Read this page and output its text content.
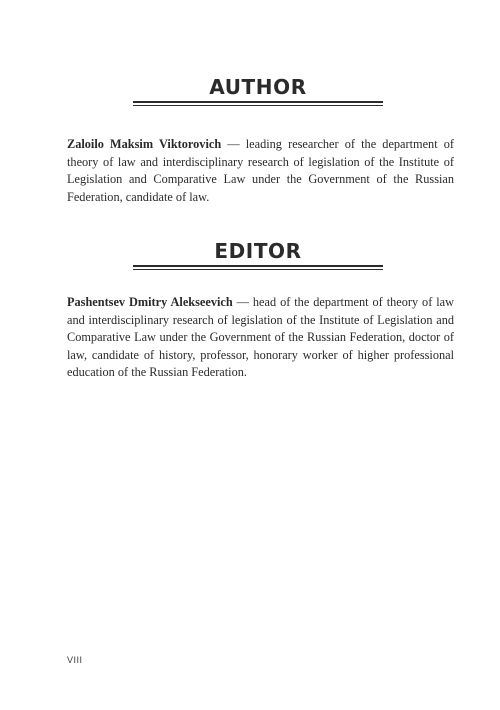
AUTHOR

Zaloilo Maksim Viktorovich — leading researcher of the department of theory of law and interdisciplinary research of legislation of the Institute of Legislation and Comparative Law under the Government of the Russian Federation, candidate of law.

EDITOR

Pashentsev Dmitry Alekseevich — head of the department of theory of law and interdisciplinary research of legislation of the Institute of Legislation and Comparative Law under the Government of the Russian Federation, doctor of law, candidate of history, professor, honorary worker of higher professional education of the Russian Federation.

VIII
